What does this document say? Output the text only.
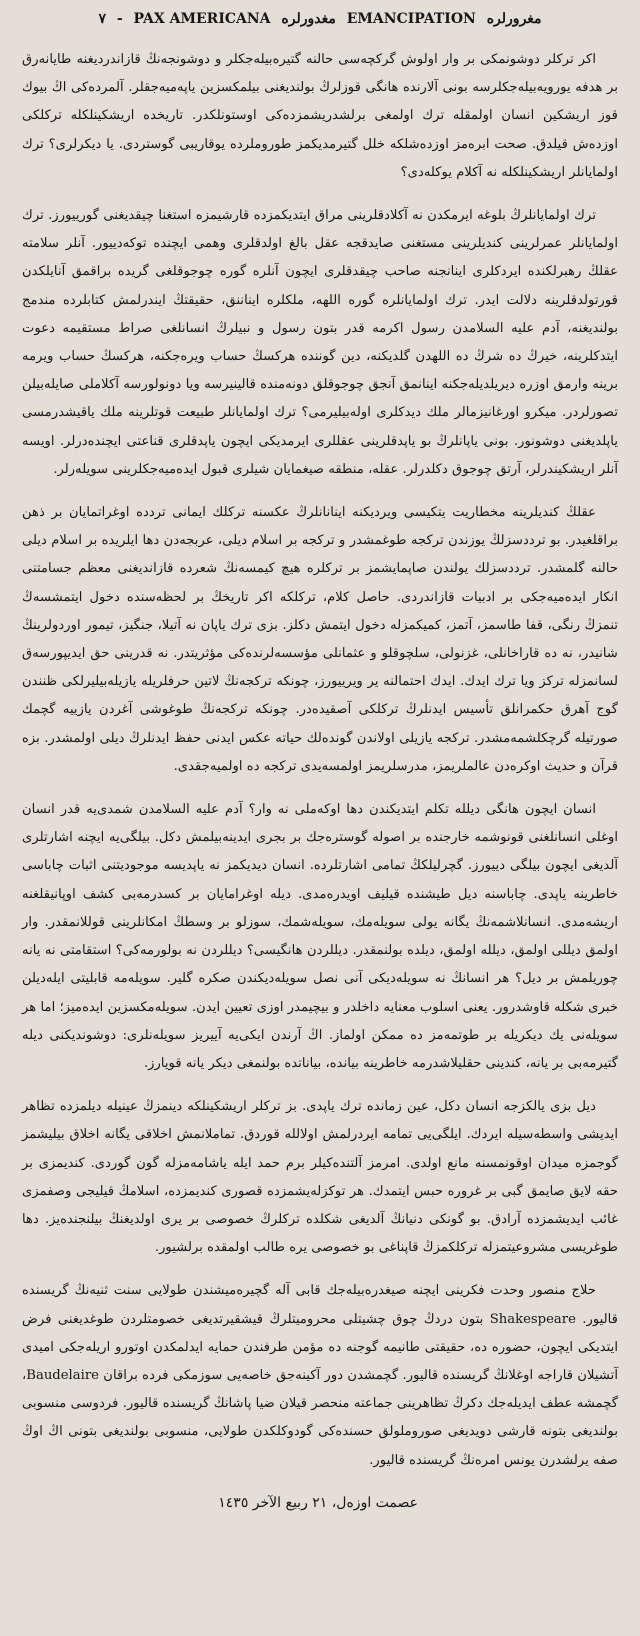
٧ - PAX AMERICANA مغدورلره EMANCIPATION مغرورلره

اکر ترکلر دوشونمکی بر وار اولوش گرکچەسی حالنه گتیرەبیلەجکلر و دوشونجەنڭ قازاندردیغنه طایانەرق بر هدفه یورویەبیلەجکلرسه بونی آلارنده هانگی قوزلرڭ بولندیغنی بیلمکسزین یاپەمیەجقلر. آلمردەکی اڭ بیوك قوز اریشکین انسان اولمقله ترك اولمغی برلشدریشمزدەکی اوستونلکدر. تاریخده اریشکینلکله ترکلکی اوزدەش قیلدق. صحت ابرەمز اوزدەشلکه خلل گتیرمدیکمز طوروملرده یوقاریبی گوستردی. یا دیکرلری؟ ترك اولمایانلر اریشکینلکله نه آکلام یوکلەدی؟

ترك اولمایانلرڭ بلوغه ایرمکدن نه آکلادقلرینی مراق ایتدیکمزده قارشیمزه استغنا چیقدیغنی گوریيورز. ترك اولمایانلر عمرلرینی کندیلرینی مستغنی صایدقجه عقل بالغ اولدقلری وهمی ایچنده توکەدیيور. آنلر سلامته عقلڭ رهبرلکنده ایردکلری اینانجنه صاحب چیقدقلری ایچون آنلره گوره چوجوقلغی گریده براقمق آنایلکدن قورتولدقلرینه دلالت ایدر. ترك اولمایانلره گوره اللهه، ملکلره ایناننق، حقیقتڭ ایندرلمش کتابلرده مندمج بولندیغنه، آدم علیه السلامدن رسول اکرمه قدر بتون رسول و نبیلرڭ انسانلغی صراط مستقیمه دعوت ایتدکلرینه، خیرڭ ده شرڭ ده اللهدن گلدیکنه، دین گوننده هرکسڭ حساب ویرەجکنه، هرکسڭ حساب ویرمه برینه وارمق اوزره دیریلدیلەجکنه اینانمق آنجق چوجوقلق دونەمنده قالینیرسه ویا دونولورسه آکلاملی صایلەبیلن تصورلردر. میکرو اورغانیزمالر ملك دیدکلری اولەبیلیرمی؟ ترك اولمایانلر طبیعت قوتلرینه ملك یاقیشدرمسی یاپلدیغنی دوشونور. بونی یاپانلرڭ بو یاپدقلرینی عقللری ایرمدیکی ایچون یاپدقلری قناعتی ایچندەدرلر. اویسه آنلر اریشکیندرلر، آرتق چوجوق دکلدرلر. عقله، منطقه صیغمایان شیلری قبول ایدەمیەجکلرینی سویلەرلر.

عقلڭ کندیلرینه مخطاریت یتکیسی ویردیکنه اینانانلرڭ عکسنه ترکلك ایمانی تردده اوغراتمایان بر ذهن براقلغیدر. بو ترددسزلڭ یوزندن ترکجه طوغمشدر و ترکجه بر اسلام دیلی، عربجەدن دها ایلریده بر اسلام دیلی حالنه گلمشدر. ترددسزلك یولندن صاپمایشمز بر ترکلره هیچ کیمسەنڭ شعرده قازاندیغنی معظم جسامتنی انکار ایدەمیەجکی بر ادبیات قازاندردی. حاصل کلام، ترکلکه اکر تاریخڭ بر لحظەسنده دخول ایتمشسەڭ تنمزڭ رنگی، قفا طاسمز، آتمز، کمیکمزله دخول ایتمش دکلز. بزی ترك یاپان نه آتیلا، جنگیز، تیمور اوردولرینڭ شانیدر، نه ده قاراخانلی، غزنولی، سلچوقلو و عثمانلی مؤسسەلرندەکی مؤثریتدر. نه قدرینی حق ایدیپورسەق لسانمزله ترکز ویا ترك ایدك. ایدك احتمالنه یر ویریيورز، چونکه ترکجەنڭ لاتین حرفلریله یازیلەبیلیرلکی ظنندن گوج آهرق حکمرانلق تأسیس ایدنلرڭ ترکلکی آصقیدەدر. چونکه ترکجەنڭ طوغوشی آغردن یازییه گچمك صورتیله گرچکلشمەمشدر. ترکجه یازیلی اولاندن گوندەلك حیاته عکس ایدنی حفظ ایدنلرڭ دیلی اولمشدر. بزه قرآن و حدیث اوکرەدن عالملریمز، مدرسلریمز اولمسەیدی ترکجه ده اولمیەجقدی.

انسان ایچون هانگی دیلله تکلم ایتدیکندن دها اوکەملی نه وار؟ آدم علیه السلامدن شمدی‌یه قدر انسان اوغلی انسانلغنی قونوشمه خارجنده بر اصوله گوسترەجك بر بجری ایدینەبیلمش دکل. بیلگی‌یه ایچنه اشارتلری آلدیغی ایچون بیلگی دیيورز. گچرلیلکڭ تمامی اشارتلرده. انسان دیدیکمز نه یاپدیسه موجودیتنی اثبات چاباسی خاطرینه یاپدی. چاباسنه دیل طیشنده قیلیف اویدرەمدی. دیله اوغرامایان بر کسدرمەبی کشف اوپانیقلغنه اریشەمدی. انسانلاشمەنڭ یگانه یولی سویلەمك، سویلەشمك، سوزلو بر وسطڭ امکانلرینی قوللانمقدر. وار اولمق دیللی اولمق، دیلله اولمق، دیلده بولنمقدر. دیللردن هانگیسی؟ دیللردن نه بولورمەکی؟ استقامتی نه یانه چوریلمش بر دیل؟ هر انسانڭ نه سویلەدیکی آنی نصل سویلەدیکندن صکره گلیر. سویلەمه قابلیتی ایلەدیلن خبری شکله قاوشدرور. یعنی اسلوب معنایه داخلدر و بیچیمدر اوزی تعیین ایدن. سویلەمکسزین ایدەمیز؛ اما هر سویلەنی یك دیکریله بر طوتمەمز ده ممکن اولماز. اڭ آرندن ایکی‌یه آییریز سویلەنلری: دوشوندیکنی دیله گتیرمەبی بر یانه، کندینی حقلیلاشدرمه خاطرینه بیانده، بیاناتده بولنمغی دیکر یانه قویارز.

دیل بزی یالکزجه انسان دکل، عین زمانده ترك یاپدی. بز ترکلر اریشکینلکه دینمزڭ عینیله دیلمزده تظاهر ایدیشی واسطەسیله ایردك. ایلگی‌یی تمامه ایردرلمش اولالله قوردق. تماملانمش اخلاقی یگانه اخلاق بیلیشمز گوجمزه میدان اوقونمسنه مانع اولدی. امرمز آلتندەکیلر برم حمد ایله یاشامەمزله گون گوردی. کندیمزی بر حقه لایق صایمق گبی بر غروره حبس ایتمدك. هر توکزلەیشمزده قصوری کندیمزده، اسلامڭ قیلیجی وصفمزی غائب ایدیشمزده آرادق. بو گونکی دنیانڭ آلدیغی شکلده ترکلرڭ خصوصی بر یری اولدیغنڭ بیلنجندەیز. دها طوغریسی مشروعیتمزله ترکلکمزڭ قاپناغی بو خصوصی یره طالب اولمقده برلشیور.

حلاج منصور وحدت فکرینی ایچنه صیغدرەبیلەجك قابی آله گچیرەمیشندن طولایی سنت ثنیەنڭ گریسنده قالیور. Shakespeare بتون دردڭ چوق چشیتلی محرومیتلرڭ قیشقیرتدیغی خصومتلردن طوغدیغنی فرض ایتدیکی ایچون، حضوره ده، حقیقتی طانیمه گوجنه ده مؤمن طرفندن حمایه ایدلمکدن اوتورو اریلەجکی امیدی آتشیلان قاراجه اوغلانڭ گریسنده قالیور. گچمشدن دور آکینەجق خاصەیی سوزمکی فرده براقان Baudelaire، گچمشه عطف ایدیلەجك دکرڭ تظاهرینی جماعته منحصر قیلان ضیا پاشانڭ گریسنده قالیور. فردوسی منسوبی بولندیغی بتونه قارشی دویدیغی صوروملولق حسندەکی گودوکلکدن طولایی، منسوبی بولندیغی بتونی اڭ اوڭ صفه یرلشدرن یونس امرەنڭ گریسنده قالیور.

عصمت اوزەل، ٢١ ربیع الآخر ١٤٣٥
